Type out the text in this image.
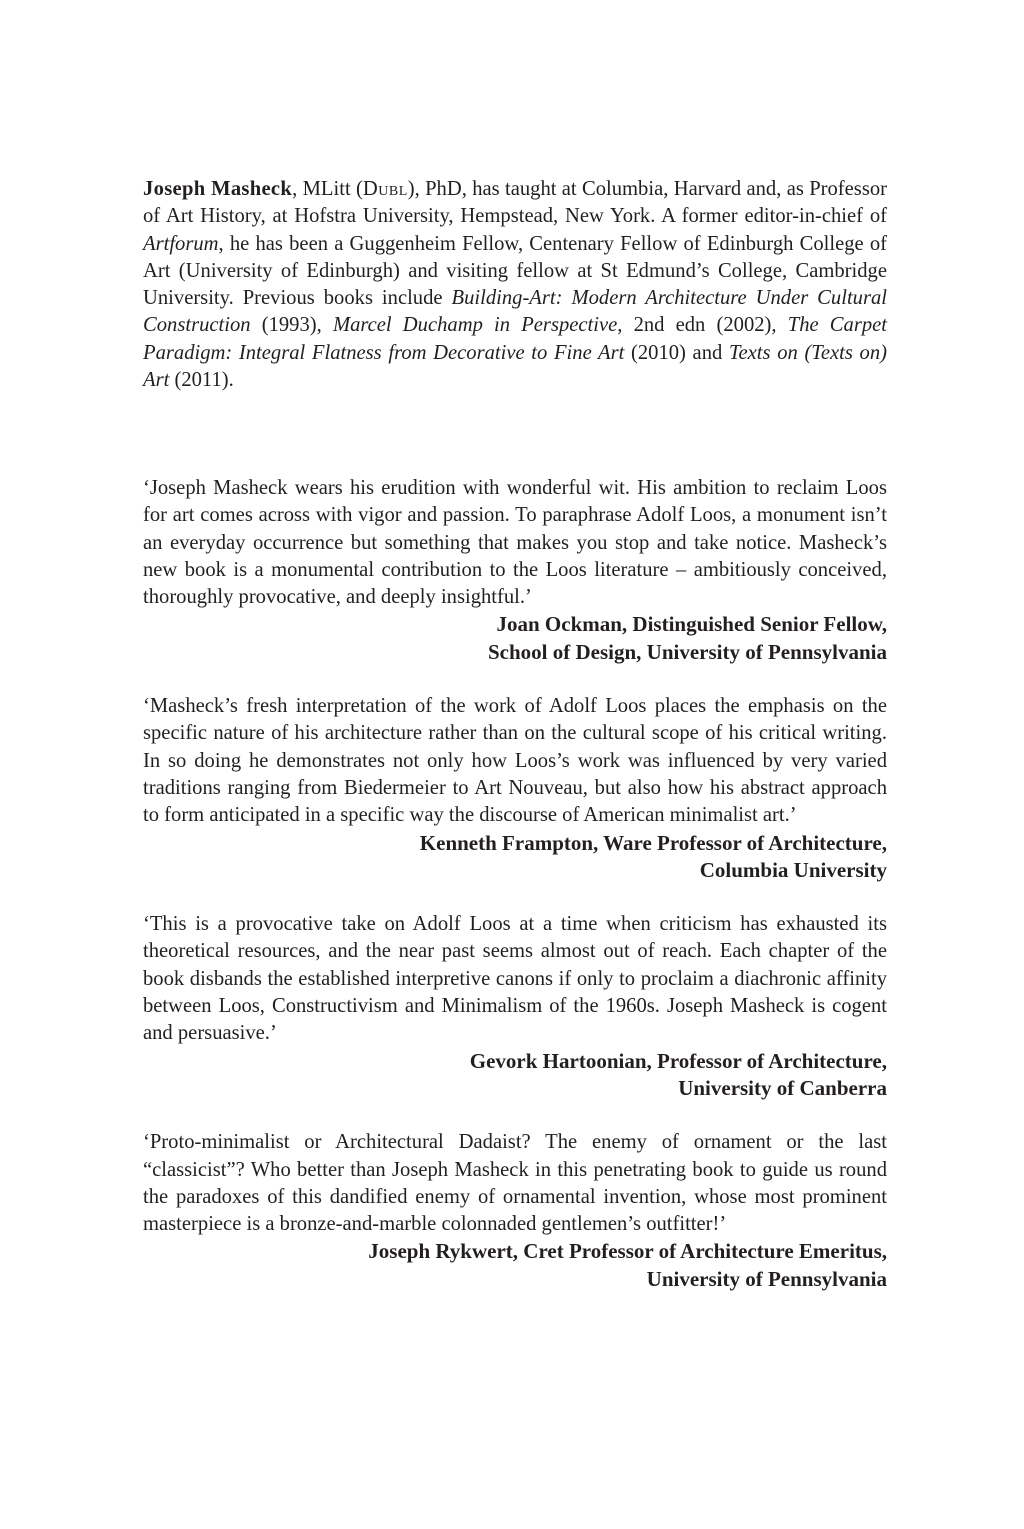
Joseph Masheck, MLitt (Dubl), PhD, has taught at Columbia, Harvard and, as Professor of Art History, at Hofstra University, Hempstead, New York. A former editor-in-chief of Artforum, he has been a Guggenheim Fellow, Centenary Fellow of Edinburgh College of Art (University of Edinburgh) and visiting fellow at St Edmund’s College, Cambridge University. Previous books include Building-Art: Modern Architecture Under Cultural Construction (1993), Marcel Duchamp in Perspective, 2nd edn (2002), The Carpet Paradigm: Integral Flatness from Decorative to Fine Art (2010) and Texts on (Texts on) Art (2011).

‘Joseph Masheck wears his erudition with wonderful wit. His ambition to reclaim Loos for art comes across with vigor and passion. To paraphrase Adolf Loos, a monument isn’t an everyday occurrence but something that makes you stop and take notice. Masheck’s new book is a monumental contribution to the Loos literature – ambitiously conceived, thoroughly provocative, and deeply insightful.’

Joan Ockman, Distinguished Senior Fellow,
School of Design, University of Pennsylvania

‘Masheck’s fresh interpretation of the work of Adolf Loos places the emphasis on the specific nature of his architecture rather than on the cultural scope of his critical writing. In so doing he demonstrates not only how Loos’s work was influenced by very varied traditions ranging from Biedermeier to Art Nouveau, but also how his abstract approach to form anticipated in a specific way the discourse of American minimalist art.’

Kenneth Frampton, Ware Professor of Architecture,
Columbia University

‘This is a provocative take on Adolf Loos at a time when criticism has exhausted its theoretical resources, and the near past seems almost out of reach. Each chapter of the book disbands the established interpretive canons if only to proclaim a diachronic affinity between Loos, Constructivism and Minimalism of the 1960s. Joseph Masheck is cogent and persuasive.’

Gevork Hartoonian, Professor of Architecture,
University of Canberra

‘Proto-minimalist or Architectural Dadaist? The enemy of ornament or the last “classicist”? Who better than Joseph Masheck in this penetrating book to guide us round the paradoxes of this dandified enemy of ornamental invention, whose most prominent masterpiece is a bronze-and-marble colonnaded gentlemen’s outfitter!’

Joseph Rykwert, Cret Professor of Architecture Emeritus,
University of Pennsylvania
